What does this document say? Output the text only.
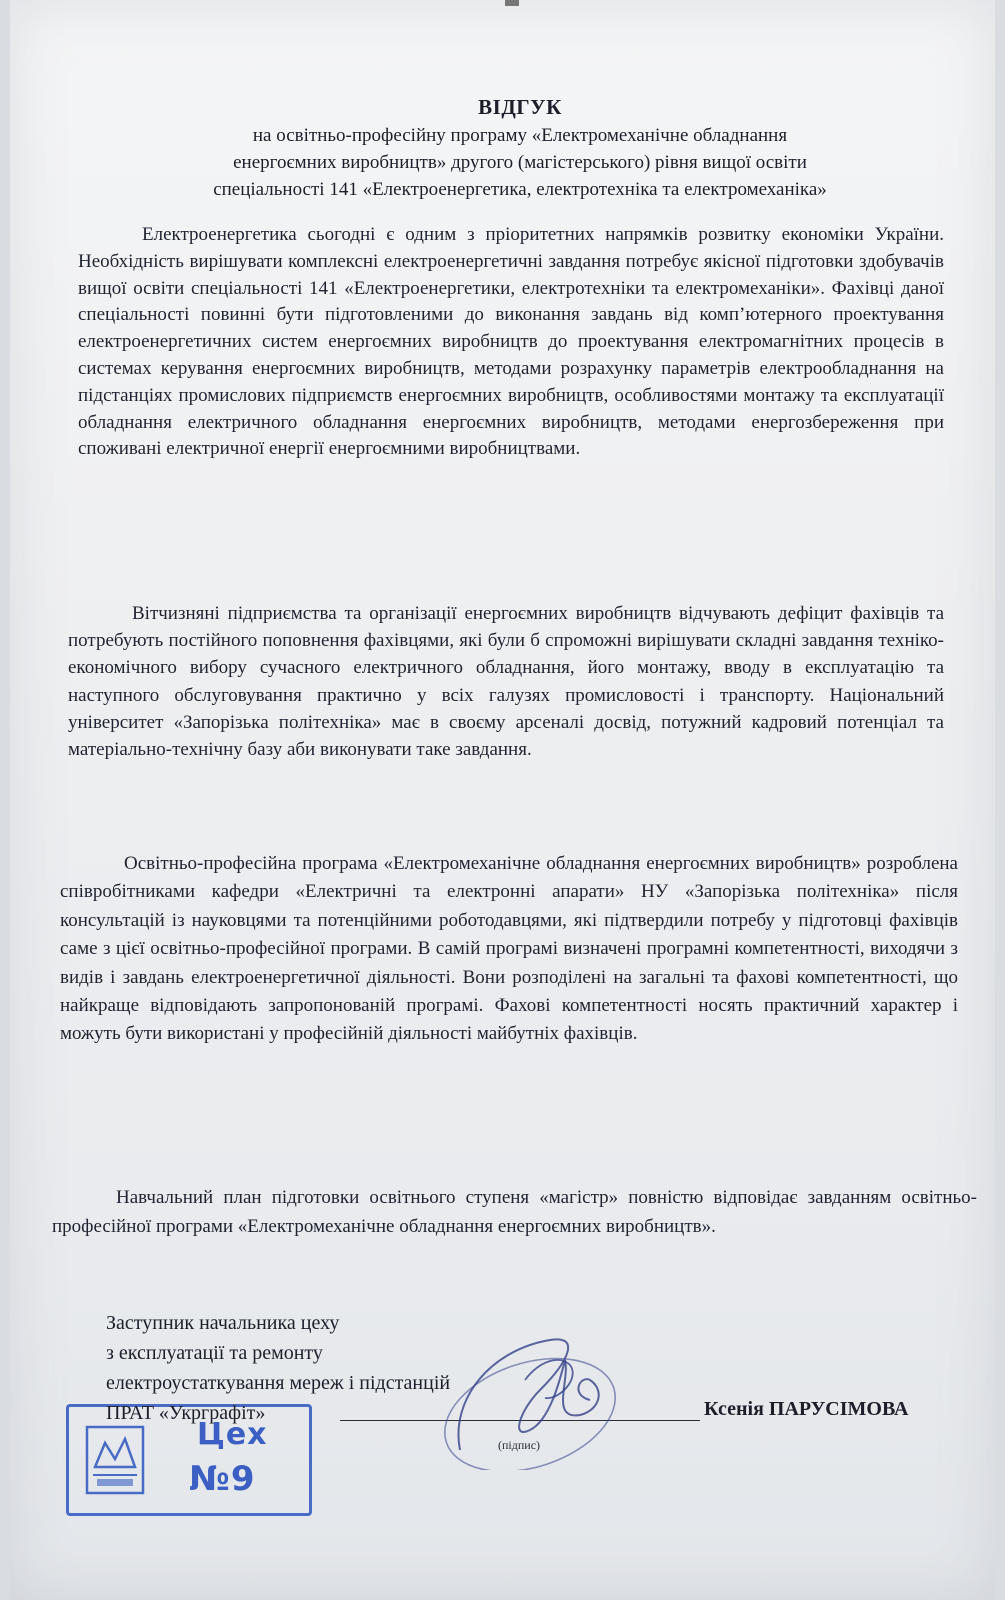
ВІДГУК
на освітньо-професійну програму «Електромеханічне обладнання
енергоємних виробництв» другого (магістерського) рівня вищої освіти
спеціальності 141 «Електроенергетика, електротехніка та електромеханіка»

Електроенергетика сьогодні є одним з пріоритетних напрямків розвитку економіки України. Необхідність вирішувати комплексні електроенергетичні завдання потребує якісної підготовки здобувачів вищої освіти спеціальності 141 «Електроенергетики, електротехніки та електромеханіки». Фахівці даної спеціальності повинні бути підготовленими до виконання завдань від комп’ютерного проектування електроенергетичних систем енергоємних виробництв до проектування електромагнітних процесів в системах керування енергоємних виробництв, методами розрахунку параметрів електрообладнання на підстанціях промислових підприємств енергоємних виробництв, особливостями монтажу та експлуатації обладнання електричного обладнання енергоємних виробництв, методами енергозбереження при споживані електричної енергії енергоємними виробництвами.

Вітчизняні підприємства та організації енергоємних виробництв відчувають дефіцит фахівців та потребують постійного поповнення фахівцями, які були б спроможні вирішувати складні завдання техніко-економічного вибору сучасного електричного обладнання, його монтажу, вводу в експлуатацію та наступного обслуговування практично у всіх галузях промисловості і транспорту. Національний університет «Запорізька політехніка» має в своєму арсеналі досвід, потужний кадровий потенціал та матеріально-технічну базу аби виконувати таке завдання.

Освітньо-професійна програма «Електромеханічне обладнання енергоємних виробництв» розроблена співробітниками кафедри «Електричні та електронні апарати» НУ «Запорізька політехніка» після консультацій із науковцями та потенційними роботодавцями, які підтвердили потребу у підготовці фахівців саме з цієї освітньо-професійної програми. В самій програмі визначені програмні компетентності, виходячи з видів і завдань електроенергетичної діяльності. Вони розподілені на загальні та фахові компетентності, що найкраще відповідають запропонованій програмі. Фахові компетентності носять практичний характер і можуть бути використані у професійній діяльності майбутніх фахівців.

Навчальний план підготовки освітнього ступеня «магістр» повністю відповідає завданням освітньо-професійної програми «Електромеханічне обладнання енергоємних виробництв».

Цех
№9
Заступник начальника цеху
з експлуатації та ремонту
електроустаткування мереж і підстанцій
ПРАТ «Укрграфіт»
(підпис)
Ксенія ПАРУСІМОВА
